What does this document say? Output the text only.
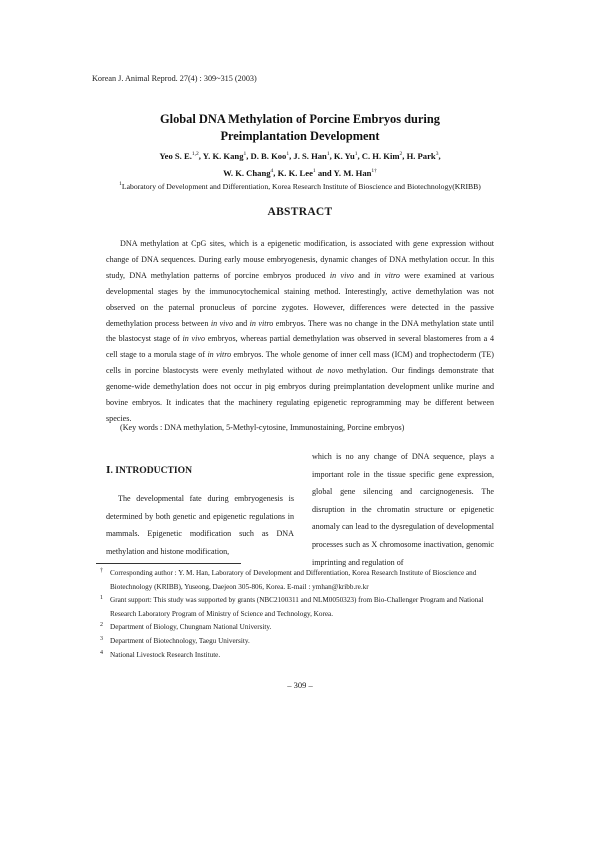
Korean J. Animal Reprod. 27(4) : 309~315 (2003)
Global DNA Methylation of Porcine Embryos during
Preimplantation Development
Yeo S. E.$^{1,2}$, Y. K. Kang$^1$, D. B. Koo$^1$, J. S. Han$^1$, K. Yu$^1$, C. H. Kim$^2$, H. Park$^3$,
W. K. Chang$^4$, K. K. Lee$^1$ and Y. M. Han$^{1\dagger}$
$^1$Laboratory of Development and Differentiation, Korea Research Institute of Bioscience and Biotechnology(KRIBB)
ABSTRACT

DNA methylation at CpG sites, which is a epigenetic modification, is associated with gene expression without change of DNA sequences. During early mouse embryogenesis, dynamic changes of DNA methylation occur. In this study, DNA methylation patterns of porcine embryos produced in vivo and in vitro were examined at various developmental stages by the immunocytochemical staining method. Interestingly, active demethylation was not observed on the paternal pronucleus of porcine zygotes. However, differences were detected in the passive demethylation process between in vivo and in vitro embryos. There was no change in the DNA methylation state until the blastocyst stage of in vivo embryos, whereas partial demethylation was observed in several blastomeres from a 4 cell stage to a morula stage of in vitro embryos. The whole genome of inner cell mass (ICM) and trophectoderm (TE) cells in porcine blastocysts were evenly methylated without de novo methylation. Our findings demonstrate that genome-wide demethylation does not occur in pig embryos during preimplantation development unlike murine and bovine embryos. It indicates that the machinery regulating epigenetic reprogramming may be different between species.

(Key words : DNA methylation, 5-Methyl-cytosine, Immunostaining, Porcine embryos)

Ⅰ. INTRODUCTION

The developmental fate during embryogenesis is determined by both genetic and epigenetic regulations in mammals. Epigenetic modification such as DNA methylation and histone modification,

which is no any change of DNA sequence, plays a important role in the tissue specific gene expression, global gene silencing and carcignogenesis. The disruption in the chromatin structure or epigenetic anomaly can lead to the dysregulation of developmental processes such as X chromosome inactivation, genomic imprinting and regulation of

† Corresponding author : Y. M. Han, Laboratory of Development and Differentiation, Korea Research Institute of Bioscience and Biotechnology (KRIBB), Yuseong, Daejeon 305-806, Korea. E-mail : ymhan@kribb.re.kr
1 Grant support: This study was supported by grants (NBC2100311 and NLM0050323) from Bio-Challenger Program and National Research Laboratory Program of Ministry of Science and Technology, Korea.
2 Department of Biology, Chungnam National University.
3 Department of Biotechnology, Taegu University.
4 National Livestock Research Institute.
– 309 –
